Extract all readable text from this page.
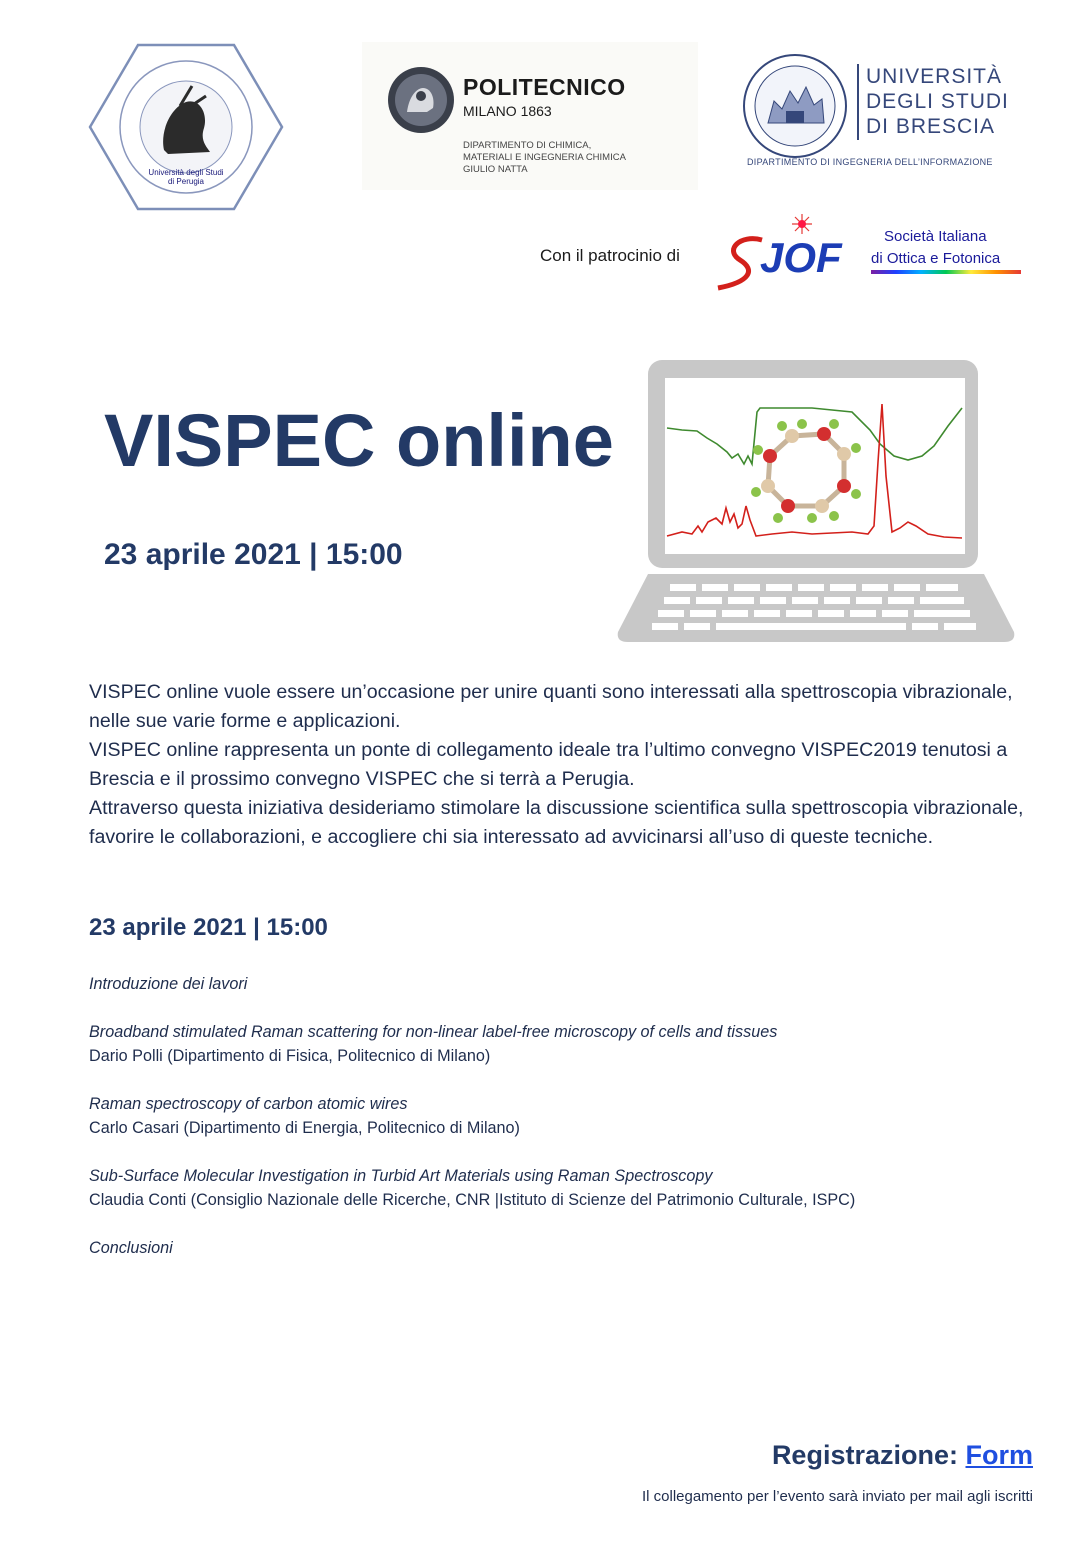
Università degli Studi
di Perugia
POLITECNICO
MILANO 1863
DIPARTIMENTO DI CHIMICA,
MATERIALI E INGEGNERIA CHIMICA
GIULIO NATTA
UNIVERSITÀ
DEGLI STUDI
DI BRESCIA
DIPARTIMENTO DI INGEGNERIA DELL’INFORMAZIONE
Con il patrocinio di JOF	Società Italiana
di Ottica e Fotonica
VISPEC online
23 aprile 2021 | 15:00

VISPEC online vuole essere un’occasione per unire quanti sono interessati alla spettroscopia vibrazionale, nelle sue varie forme e applicazioni.

VISPEC online rappresenta un ponte di collegamento ideale tra l’ultimo convegno VISPEC2019 tenutosi a Brescia e il prossimo convegno VISPEC che si terrà a Perugia.

Attraverso questa iniziativa desideriamo stimolare la discussione scientifica sulla spettroscopia vibrazionale, favorire le collaborazioni, e accogliere chi sia interessato ad avvicinarsi all’uso di queste tecniche.

23 aprile 2021 | 15:00
Introduzione dei lavori
Broadband stimulated Raman scattering for non-linear label-free microscopy of cells and tissues
Dario Polli (Dipartimento di Fisica, Politecnico di Milano)
Raman spectroscopy of carbon atomic wires
Carlo Casari (Dipartimento di Energia, Politecnico di Milano)
Sub-Surface Molecular Investigation in Turbid Art Materials using Raman Spectroscopy
Claudia Conti (Consiglio Nazionale delle Ricerche, CNR |Istituto di Scienze del Patrimonio Culturale, ISPC)
Conclusioni
Registrazione: Form
Il collegamento per l’evento sarà inviato per mail agli iscritti
